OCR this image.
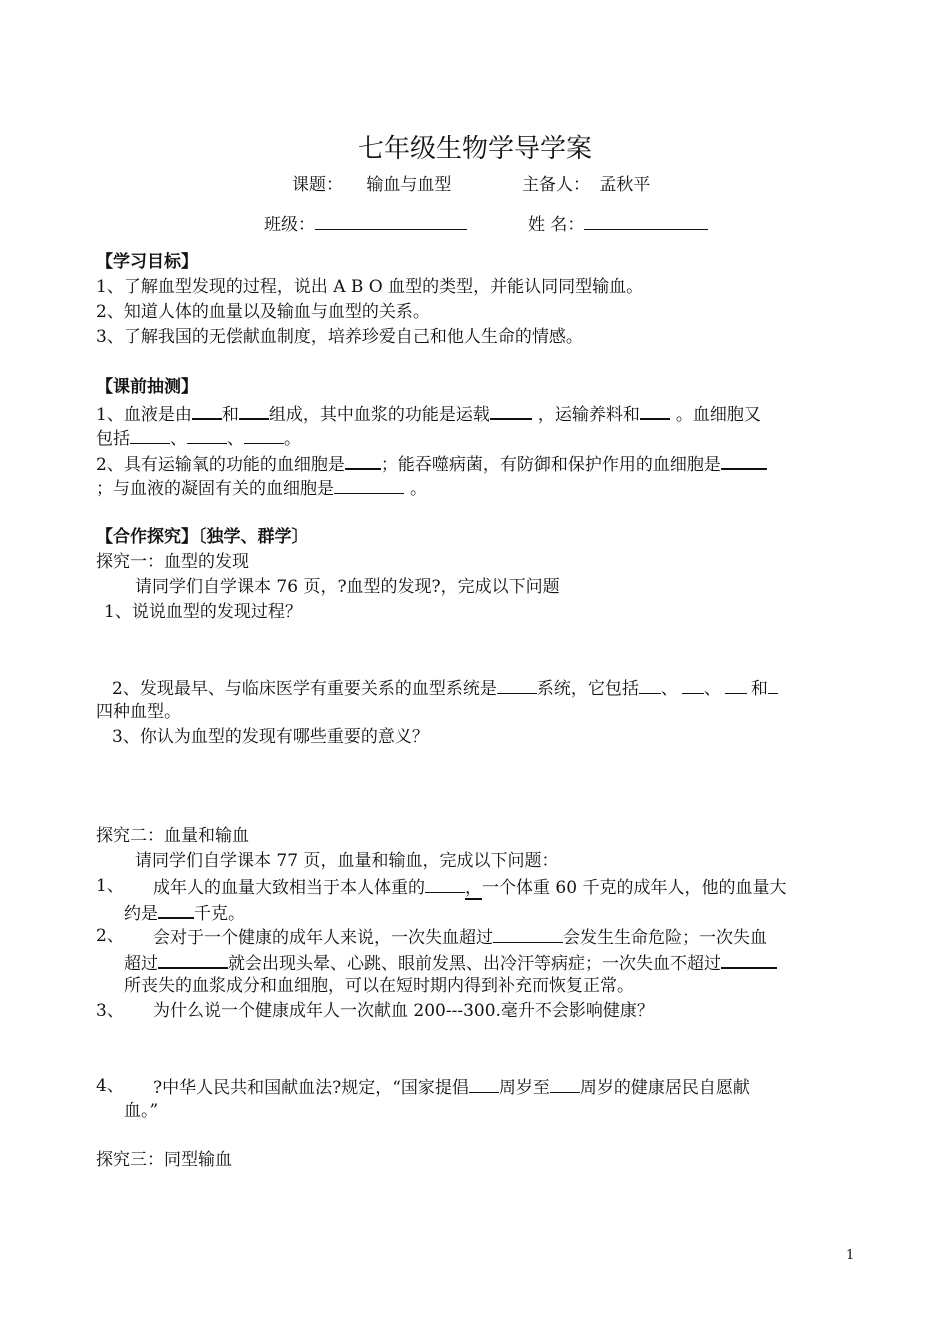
七年级生物学导学案
课题： 输血与血型	主备人： 孟秋平
班级：	姓 名：
【学习目标】
1、了解血型发现的过程，说出 A B O 血型的类型，并能认同同型输血。
2、知道人体的血量以及输血与血型的关系。
3、了解我国的无偿献血制度，培养珍爱自己和他人生命的情感。
【课前抽测】
1、血液是由 和 组成，其中血浆的功能是运载	，运输养料和 。血细胞又
包括 、 、 。
2、具有运输氧的功能的血细胞是 ；能吞噬病菌，有防御和保护作用的血细胞是
；与血液的凝固有关的血细胞是	。
【合作探究】〔独学、群学〕
探究一：血型的发现
请同学们自学课本 76 页，?血型的发现?，完成以下问题
1、说说血型的发现过程？
2、发现最早、与临床医学有重要关系的血型系统是 系统，它包括 、 、 和
四种血型。
3、你认为血型的发现有哪些重要的意义？
探究二：血量和输血
请同学们自学课本 77 页，血量和输血，完成以下问题：
1、 成年人的血量大致相当于本人体重的 ，一个体重 60 千克的成年人，他的血量大
约是 千克。
2、 会对于一个健康的成年人来说，一次失血超过	会发生生命危险；一次失血
超过	就会出现头晕、心跳、眼前发黑、出冷汗等病症；一次失血不超过
所丧失的血浆成分和血细胞，可以在短时期内得到补充而恢复正常。
3、 为什么说一个健康成年人一次献血 200---300.毫升不会影响健康？
4、 ?中华人民共和国献血法?规定，“国家提倡 周岁至 周岁的健康居民自愿献
血。”
探究三：同型输血
1
